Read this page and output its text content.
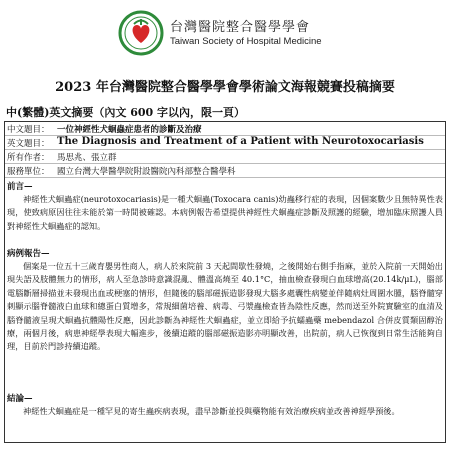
台灣醫院整合醫學學會
Taiwan Society of Hospital Medicine
2023 年台灣醫院整合醫學學會學術論文海報競賽投稿摘要
中(繁體)英文摘要（內文 600 字以內，限一頁）
中文題目： 一位神經性犬蛔蟲症患者的診斷及治療
英文題目： The Diagnosis and Treatment of a Patient with Neurotoxocariasis
所有作者： 馬思兆、張立群
服務單位： 國立台灣大學醫學院附設醫院內科部整合醫學科
前言—
神經性犬蛔蟲症(neurotoxocariasis)是一種犬蛔蟲(Toxocara canis)幼蟲移行症的表現，因個案數少且無特異性表現，使致病原因往往未能於第一時間被確認。本病例報告希望提供神經性犬蛔蟲症診斷及照護的經驗，增加臨床照護人員對神經性犬蛔蟲症的認知。
病例報告—
個案是一位五十三歲育嬰男性商人，病人於來院前 3 天起間歇性發燒，之後開始右側手指麻，並於入院前一天開始出現失語及肢體無力的情形，病人至急診時意識混亂、體溫高燒至 40.1°C，抽血檢查發現白血球增高(20.14k/μL)，腦部電腦斷層掃描並未發現出血或梗塞的情形，但隨後的腦部磁振造影發現大腦多處囊性病變並伴隨病灶周圍水腫，腦脊髓穿刺顯示腦脊髓液白血球和總蛋白質增多，常規細菌培養、病毒、弓漿蟲檢查皆為陰性反應，然而送至外院實驗室的血清及腦脊髓液呈現犬蛔蟲抗體陽性反應，因此診斷為神經性犬蛔蟲症，並立即給予抗蠕蟲藥 mebendazol 合併皮質類固醇治療，兩個月後，病患神經學表現大幅進步，後續追蹤的腦部磁振造影亦明顯改善，出院前，病人已恢復到日常生活能夠自理，目前於門診持續追蹤。
結論—
神經性犬蛔蟲症是一種罕見的寄生蟲疾病表現，盡早診斷並投與藥物能有效治療疾病並改善神經學預後。
